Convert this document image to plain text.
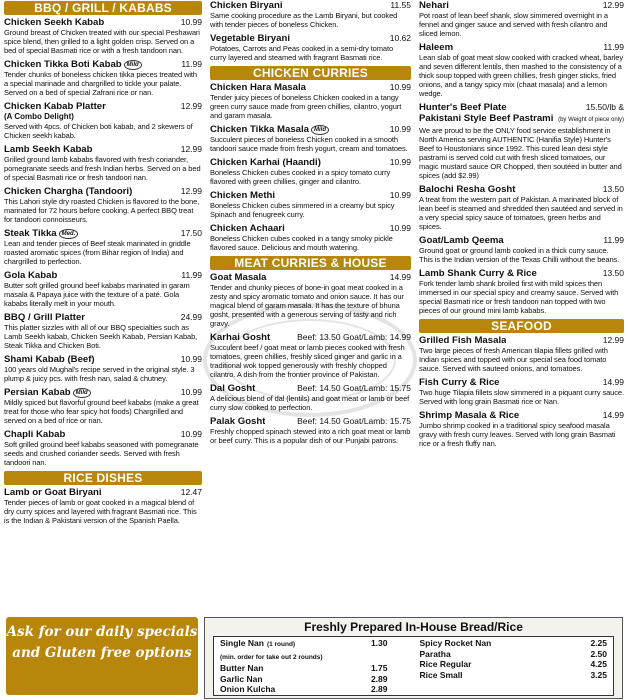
BBQ / GRILL / KABABS
Chicken Seekh Kabab	10.99
Ground breast of Chicken treated with our special Peshawari spice blend, then grilled to a light golden crisp. Served on a bed of special Basmati rice or with a fresh tandoori nan.
Chicken Tikka Boti Kabab Mild	11.99
Tender chunks of boneless chicken tikka pieces treated with a special marinade and chargrilled to tickle your palate. Served on a bed of special Zafrani rice or nan.
Chicken Kabab Platter	12.99
(A Combo Delight)
Served with 4pcs. of Chicken boti kabab, and 2 skewers of Chicken seekh kabab.
Lamb Seekh Kabab	12.99
Grilled ground lamb kababs flavored with fresh coriander, pomegranate seeds and fresh Indian herbs. Served on a bed of special Basmati rice or fresh tandoori nan.
Chicken Chargha (Tandoori)	12.99
This Lahori style dry roasted Chicken is flavored to the bone, marinated for 72 hours before cooking. A perfect BBQ treat for tandoori connoisseurs.
Steak Tikka Med.	17.50
Lean and tender pieces of Beef steak marinated in griddle roasted aromatic spices (from Bihar region of India) and chargrilled to perfection.
Gola Kabab	11.99
Butter soft grilled ground beef kababs marinated in garam masala & Papaya juice with the texture of a paté. Gola kababs literally melt in your mouth.
BBQ / Grill Platter	24.99
This platter sizzles with all of our BBQ specialties such as Lamb Seekh kabab, Chicken Seekh Kabab, Persian Kabab, Steak Tikka and Chicken Boti.
Shami Kabab (Beef)	10.99
100 years old Mughal's recipe served in the original style. 3 plump & juicy pcs. with fresh nan, salad & chutney.
Persian Kabab Mild	10.99
Mildly spiced but flavorful ground beef kababs (make a great treat for those who fear spicy hot foods) Chargrilled and served on a bed of rice or nan.
Chapli Kabab	10.99
Soft grilled ground beef kababs seasoned with pomegranate seeds and crushed coriander seeds. Served with fresh tandoori nan.
RICE DISHES
Lamb or Goat Biryani	12.47
Tender pieces of lamb or goat cooked in a magical blend of dry curry spices and layered with fragrant Basmati rice. This is the Indian & Pakistani version of the Spanish Paella.
Chicken Biryani	11.55
Same cooking procedure as the Lamb Biryani, but cooked with tender pieces of boneless Chicken.
Vegetable Biryani	10.62
Potatoes, Carrots and Peas cooked in a semi-dry tomato curry layered and steamed with fragrant Basmati rice.
CHICKEN CURRIES
Chicken Hara Masala	10.99
Tender juicy pieces of boneless Chicken cooked in a tangy green curry sauce made from green chillies, cilantro, yogurt and garam masala.
Chicken Tikka Masala Mild	10.99
Succulent pieces of boneless Chicken cooked in a smooth tandoori sauce made from fresh yogurt, cream and tomatoes.
Chicken Karhai (Haandi)	10.99
Boneless Chicken cubes cooked in a spicy tomato curry flavored with green chillies, ginger and cilantro.
Chicken Methi	10.99
Boneless Chicken cubes simmered in a creamy but spicy Spinach and fenugreek curry.
Chicken Achaari	10.99
Boneless Chicken cubes cooked in a tangy smoky pickle flavored sauce. Delicious and mouth watering.
MEAT CURRIES & HOUSE SPECIALS
Goat Masala	14.99
Tender and chunky pieces of bone-in goat meat cooked in a zesty and spicy aromatic tomato and onion sauce. It has our magical blend of garam masala. It has the texture of bhuna gosht, presented with a generous serving of tasty and rich gravy.
Karhai Gosht	Beef: 13.50 Goat/Lamb: 14.99
Succulent beef / goat meat or lamb pieces cooked with fresh tomatoes, green chillies, freshly sliced ginger and garlic in a traditional wok topped generously with freshly chopped cilantro. A dish from the frontier province of Pakistan.
Dal Gosht	Beef: 14.50 Goat/Lamb: 15.75
A delicious blend of dal (lentils) and goat meat or lamb or beef curry slow cooked to perfection.
Palak Gosht	Beef: 14.50 Goat/Lamb: 15.75
Freshly chopped spinach stewed into a rich goat meat or lamb or beef curry. This is a popular dish of our Punjabi patrons.
Nehari	12.99
Pot roast of lean beef shank, slow simmered overnight in a fennel and ginger sauce and served with fresh cilantro and sliced lemon.
Haleem	11.99
Lean slab of goat meat slow cooked with cracked wheat, barley and seven different lentils, then mashed to the consistency of a thick soup topped with green chillies, fresh ginger sticks, fried onions, and a tangy spicy mix (chaat masala) and a lemon wedge.
Hunter's Beef Plate	15.50/lb &
Pakistani Style Beef Pastrami (by Weight of piece only)
We are proud to be the ONLY food service establishment in North America serving AUTHENTIC (Hanifia Style) Hunter's Beef to Houstonians since 1992. This cured lean desi style pastrami is served cold cut with fresh sliced tomatoes, our magic mustard sauce OR Chopped, then soutéed in butter and spices (add $2.99)
Balochi Resha Gosht	13.50
A treat from the western part of Pakistan. A marinated block of lean beef is steamed and shredded then sautéed and served in a very special spicy sauce of tomatoes, green herbs and spices.
Goat/Lamb Qeema	11.99
Ground goat or ground lamb cooked in a thick curry sauce. This is the Indian version of the Texas Chilli without the beans.
Lamb Shank Curry & Rice	13.50
Fork tender lamb shank broiled first with mild spices then immersed in our special spicy and creamy sauce. Served with special Basmati rice or fresh tandoori nan topped with two pieces of our ground mini lamb kababs.
SEAFOOD
Grilled Fish Masala	12.99
Two large pieces of fresh American tilapia fillets grilled with Indian spices and topped with our special sea food tomato sauce. Served with sauteed onions, and tomatoes.
Fish Curry & Rice	14.99
Two huge Tilapia fillets slow simmered in a piquant curry sauce. Served with long grain Basmati rice or Nan.
Shrimp Masala & Rice	14.99
Jumbo shrimp cooked in a traditional spicy seafood masala gravy with fresh curry leaves. Served with long grain Basmati rice or a fresh fluffy nan.
Ask for our daily specials and Gluten free options
Freshly Prepared In-House Bread/Rice
Single Nan (1 round)	1.30
(min. order for take out 2 rounds)
Butter Nan	1.75
Garlic Nan	2.89
Onion Kulcha	2.89
Spicy Rocket Nan	2.25
Paratha	2.50
Rice Regular	4.25
Rice Small	3.25
